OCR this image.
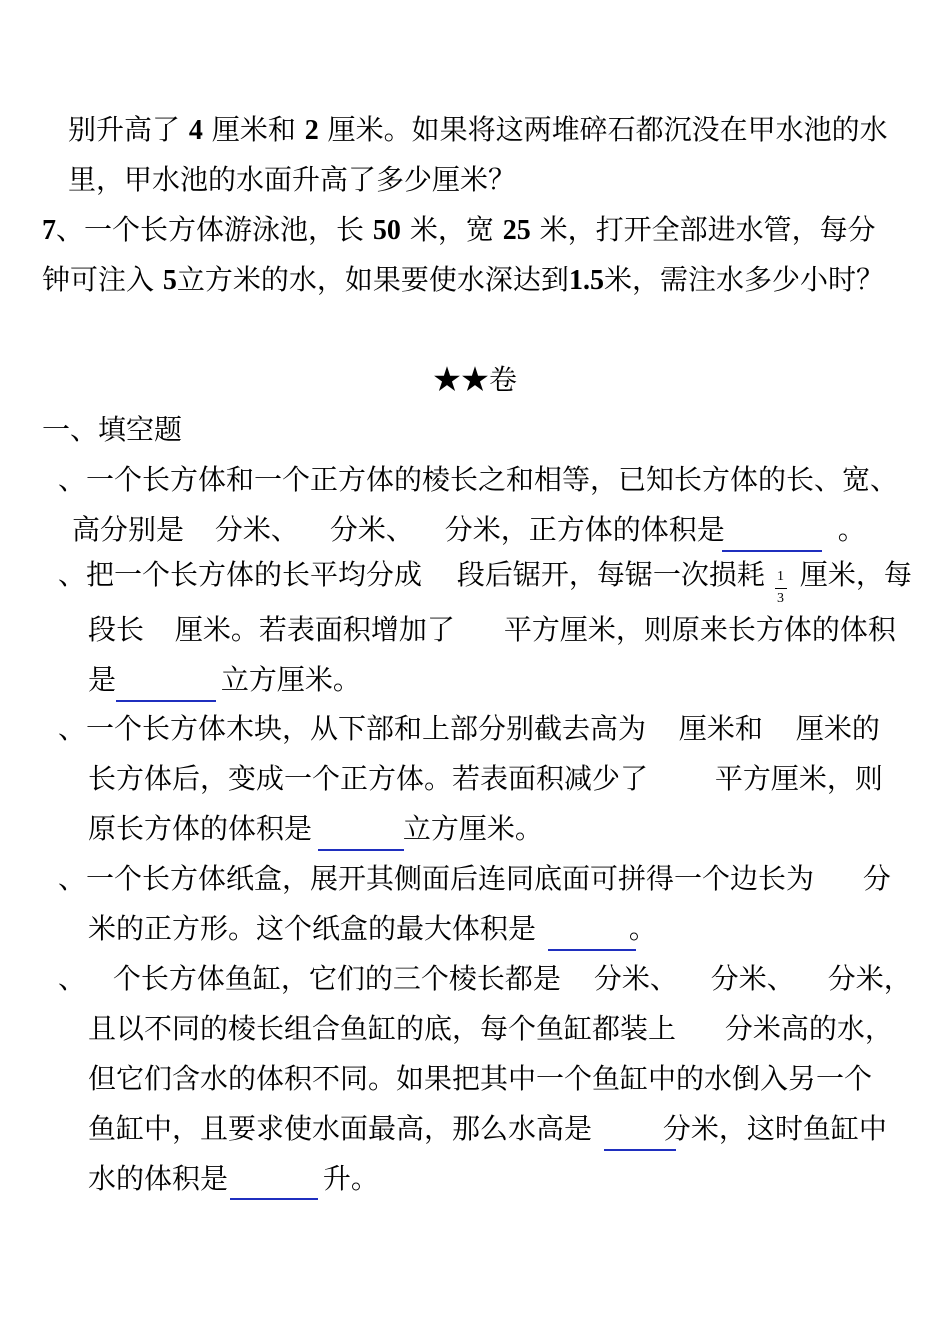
别升高了 4 厘米和 2 厘米。如果将这两堆碎石都沉没在甲水池的水
里，甲水池的水面升高了多少厘米？
7、一个长方体游泳池，长 50 米，宽 25 米，打开全部进水管，每分
钟可注入 5立方米的水，如果要使水深达到1.5米，需注水多少小时？
★★卷
一、填空题
、一个长方体和一个正方体的棱长之和相等，已知长方体的长、宽、
高分别是 分米、 分米、 分米，正方体的体积是	。
、把一个长方体的长平均分成 段后锯开，每锯一次损耗 厘米，每
1
3
段长 厘米。若表面积增加了 平方厘米，则原来长方体的体积
是	立方厘米。
、一个长方体木块，从下部和上部分别截去高为 厘米和 厘米的
长方体后，变成一个正方体。若表面积减少了 平方厘米，则
原长方体的体积是	立方厘米。
、一个长方体纸盒，展开其侧面后连同底面可拼得一个边长为 分
米的正方形。这个纸盒的最大体积是	。
、 个长方体鱼缸，它们的三个棱长都是 分米、 分米、 分米，
且以不同的棱长组合鱼缸的底，每个鱼缸都装上 分米高的水，
但它们含水的体积不同。如果把其中一个鱼缸中的水倒入另一个
鱼缸中，且要求使水面最高，那么水高是	分米，这时鱼缸中
水的体积是	升。
